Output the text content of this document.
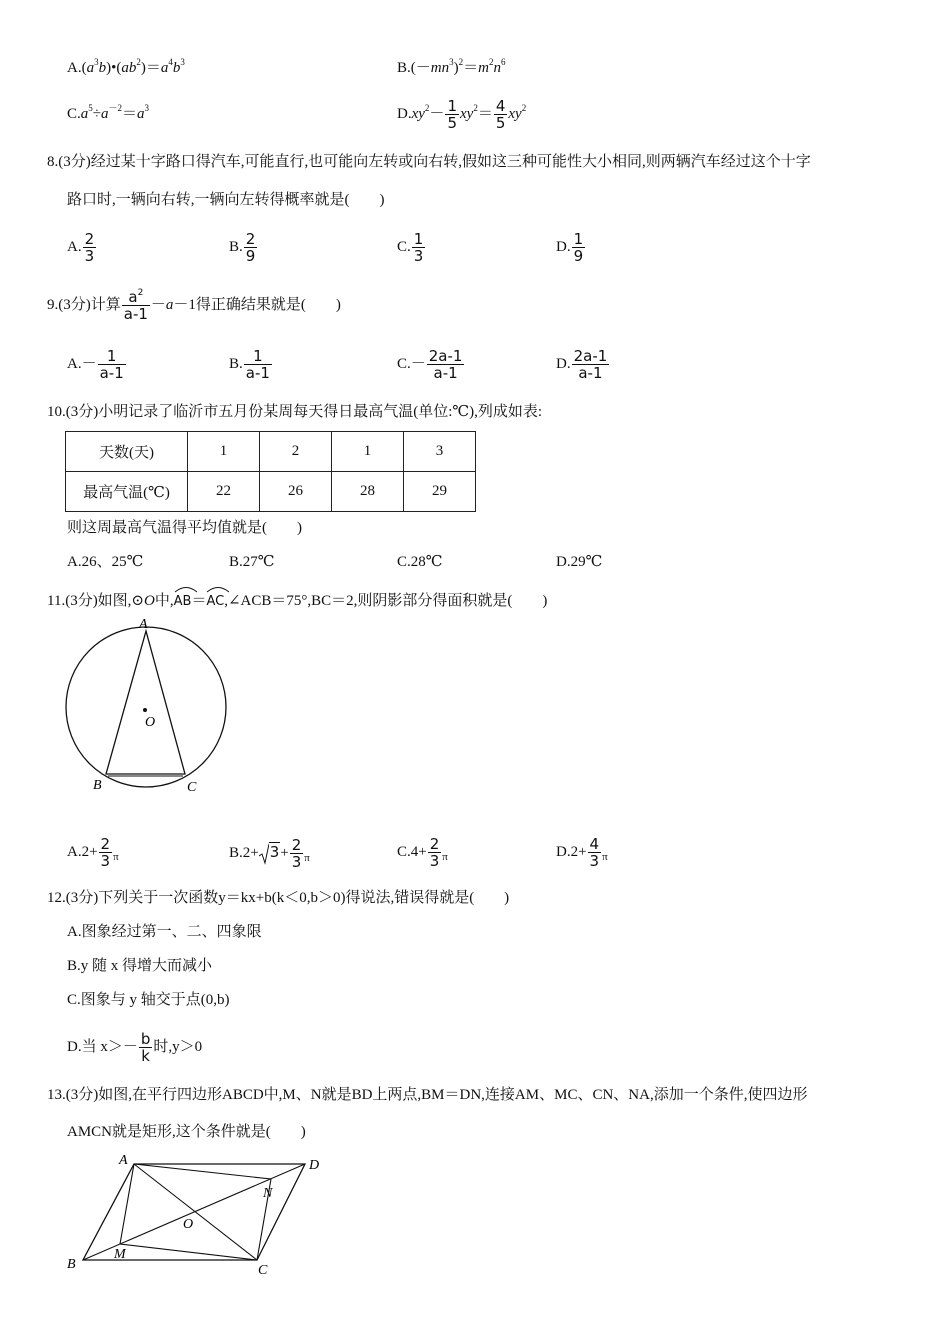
$A.(a^3b)•(ab^2)=a^4b^3$	$B.(-mn^3)^2=m^2n^6$
$C.a^5\div a^{-2}=a^3$	$D.xy^2- \frac{1}{5} xy^2= \frac{4}{5} xy^2$
8.(3分)经过某十字路口得汽车,可能直行,也可能向左转或向右转,假如这三种可能性大小相同,则两辆汽车经过这个十字
路口时,一辆向右转,一辆向左转得概率就是(　　)
A. $\frac{2}{3}$	B. $\frac{2}{9}$	C. $\frac{1}{3}$	D. $\frac{1}{9}$
9.(3分)计算 $\frac{a^2}{a-1} -a-1$得正确结果就是(　　)
$A.- \frac{1}{a-1}$	B. $\frac{1}{a-1}$	$C.- \frac{2a-1}{a-1}$	D. $\frac{2a-1}{a-1}$
10.(3分)小明记录了临沂市五月份某周每天得日最高气温(单位:℃),列成如表:
天数(天)	1	2	1	3
最高气温(℃)	22	26	28	29
则这周最高气温得平均值就是(　　)
A.26、25℃	B.27℃	C.28℃	D.29℃
11.(3分)如图,⊙O中,
AB＝
AC,∠ACB＝75°,BC＝2,则阴影部分得面积就是(　　)
A
O
B	C
$A.2+ \frac{2}{3} _\pi$	$B.2+ 3+ \frac{2}{3} _\pi$	$C.4+ \frac{2}{3} _\pi$	$D.2+ \frac{4}{3} _\pi$
12.(3分)下列关于一次函数y＝kx+b(k＜0,b＞0)得说法,错误得就是(　　)
A.图象经过第一、二、四象限
B.y 随 x 得增大而减小
C.图象与 y 轴交于点(0,b)
D.当 $x>- \frac{b}{k}$ 时,y＞0
13.(3分)如图,在平行四边形ABCD中,M、N就是BD上两点,BM＝DN,连接AM、MC、CN、NA,添加一个条件,使四边形
AMCN就是矩形,这个条件就是(　　)
A	D
N
O
M
B	C
